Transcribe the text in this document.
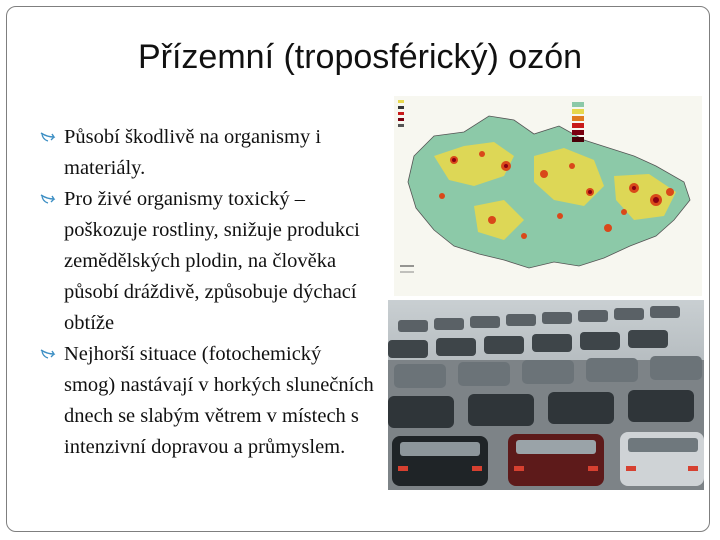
Přízemní (troposférický) ozón
Působí škodlivě na organismy i materiály.
Pro živé organismy toxický – poškozuje rostliny, snižuje produkci zemědělských plodin, na člověka působí dráždivě, způsobuje dýchací obtíže
Nejhorší situace (fotochemický smog) nastávají v horkých slunečních dnech se slabým větrem v místech s intenzivní dopravou a průmyslem.
